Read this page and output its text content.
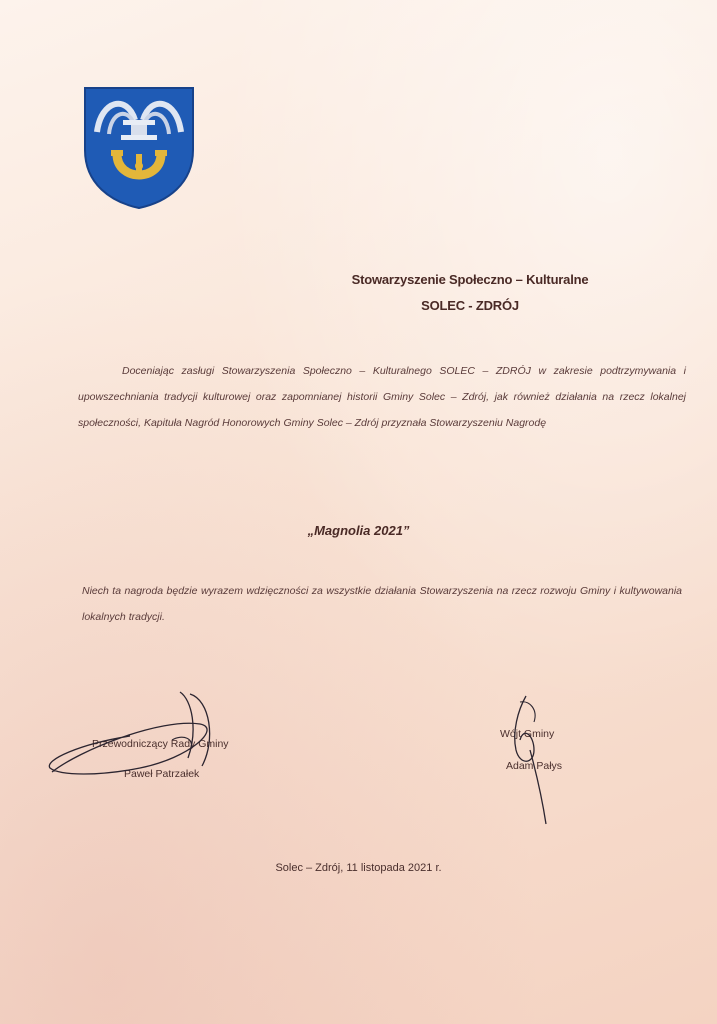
Stowarzyszenie Społeczno – Kulturalne
SOLEC - ZDRÓJ
Doceniając zasługi Stowarzyszenia Społeczno – Kulturalnego SOLEC – ZDRÓJ w zakresie podtrzymywania i upowszechniania tradycji kulturowej oraz zapomnianej historii Gminy Solec – Zdrój, jak również działania na rzecz lokalnej społeczności, Kapituła Nagród Honorowych Gminy Solec – Zdrój przyznała Stowarzyszeniu Nagrodę
„Magnolia 2021”
Niech ta nagroda będzie wyrazem wdzięczności za wszystkie działania Stowarzyszenia na rzecz rozwoju Gminy i kultywowania lokalnych tradycji.
Przewodniczący Rady Gminy
Paweł Patrzałek
Wójt Gminy
Adam Pałys
Solec – Zdrój, 11 listopada 2021 r.
